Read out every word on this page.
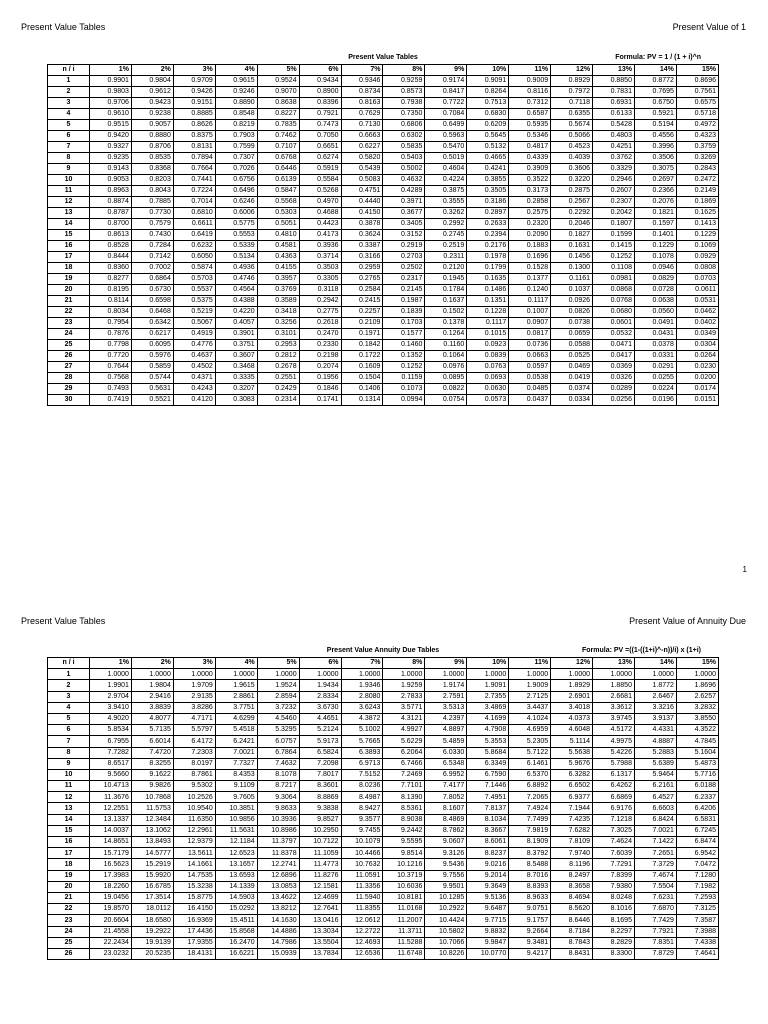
Present Value Tables	Present Value of 1
Present Value Tables	Formula: PV = 1 / (1 + i)^n
n / i	1%	2%	3%	4%	5%	6%	7%	8%	9%	10%	11%	12%	13%	14%	15%
1	0.9901	0.9804	0.9709	0.9615	0.9524	0.9434	0.9346	0.9259	0.9174	0.9091	0.9009	0.8929	0.8850	0.8772	0.8696
2	0.9803	0.9612	0.9426	0.9246	0.9070	0.8900	0.8734	0.8573	0.8417	0.8264	0.8116	0.7972	0.7831	0.7695	0.7561
3	0.9706	0.9423	0.9151	0.8890	0.8638	0.8396	0.8163	0.7938	0.7722	0.7513	0.7312	0.7118	0.6931	0.6750	0.6575
4	0.9610	0.9238	0.8885	0.8548	0.8227	0.7921	0.7629	0.7350	0.7084	0.6830	0.6587	0.6355	0.6133	0.5921	0.5718
5	0.9515	0.9057	0.8626	0.8219	0.7835	0.7473	0.7130	0.6806	0.6499	0.6209	0.5935	0.5674	0.5428	0.5194	0.4972
6	0.9420	0.8880	0.8375	0.7903	0.7462	0.7050	0.6663	0.6302	0.5963	0.5645	0.5346	0.5066	0.4803	0.4556	0.4323
7	0.9327	0.8706	0.8131	0.7599	0.7107	0.6651	0.6227	0.5835	0.5470	0.5132	0.4817	0.4523	0.4251	0.3996	0.3759
8	0.9235	0.8535	0.7894	0.7307	0.6768	0.6274	0.5820	0.5403	0.5019	0.4665	0.4339	0.4039	0.3762	0.3506	0.3269
9	0.9143	0.8368	0.7664	0.7026	0.6446	0.5919	0.5439	0.5002	0.4604	0.4241	0.3909	0.3606	0.3329	0.3075	0.2843
10	0.9053	0.8203	0.7441	0.6756	0.6139	0.5584	0.5083	0.4632	0.4224	0.3855	0.3522	0.3220	0.2946	0.2697	0.2472
11	0.8963	0.8043	0.7224	0.6496	0.5847	0.5268	0.4751	0.4289	0.3875	0.3505	0.3173	0.2875	0.2607	0.2366	0.2149
12	0.8874	0.7885	0.7014	0.6246	0.5568	0.4970	0.4440	0.3971	0.3555	0.3186	0.2858	0.2567	0.2307	0.2076	0.1869
13	0.8787	0.7730	0.6810	0.6006	0.5303	0.4688	0.4150	0.3677	0.3262	0.2897	0.2575	0.2292	0.2042	0.1821	0.1625
14	0.8700	0.7579	0.6611	0.5775	0.5051	0.4423	0.3878	0.3405	0.2992	0.2633	0.2320	0.2046	0.1807	0.1597	0.1413
15	0.8613	0.7430	0.6419	0.5553	0.4810	0.4173	0.3624	0.3152	0.2745	0.2394	0.2090	0.1827	0.1599	0.1401	0.1229
16	0.8528	0.7284	0.6232	0.5339	0.4581	0.3936	0.3387	0.2919	0.2519	0.2176	0.1883	0.1631	0.1415	0.1229	0.1069
17	0.8444	0.7142	0.6050	0.5134	0.4363	0.3714	0.3166	0.2703	0.2311	0.1978	0.1696	0.1456	0.1252	0.1078	0.0929
18	0.8360	0.7002	0.5874	0.4936	0.4155	0.3503	0.2959	0.2502	0.2120	0.1799	0.1528	0.1300	0.1108	0.0946	0.0808
19	0.8277	0.6864	0.5703	0.4746	0.3957	0.3305	0.2765	0.2317	0.1945	0.1635	0.1377	0.1161	0.0981	0.0829	0.0703
20	0.8195	0.6730	0.5537	0.4564	0.3769	0.3118	0.2584	0.2145	0.1784	0.1486	0.1240	0.1037	0.0868	0.0728	0.0611
21	0.8114	0.6598	0.5375	0.4388	0.3589	0.2942	0.2415	0.1987	0.1637	0.1351	0.1117	0.0926	0.0768	0.0638	0.0531
22	0.8034	0.6468	0.5219	0.4220	0.3418	0.2775	0.2257	0.1839	0.1502	0.1228	0.1007	0.0826	0.0680	0.0560	0.0462
23	0.7954	0.6342	0.5067	0.4057	0.3256	0.2618	0.2109	0.1703	0.1378	0.1117	0.0907	0.0738	0.0601	0.0491	0.0402
24	0.7876	0.6217	0.4919	0.3901	0.3101	0.2470	0.1971	0.1577	0.1264	0.1015	0.0817	0.0659	0.0532	0.0431	0.0349
25	0.7798	0.6095	0.4776	0.3751	0.2953	0.2330	0.1842	0.1460	0.1160	0.0923	0.0736	0.0588	0.0471	0.0378	0.0304
26	0.7720	0.5976	0.4637	0.3607	0.2812	0.2198	0.1722	0.1352	0.1064	0.0839	0.0663	0.0525	0.0417	0.0331	0.0264
27	0.7644	0.5859	0.4502	0.3468	0.2678	0.2074	0.1609	0.1252	0.0976	0.0763	0.0597	0.0469	0.0369	0.0291	0.0230
28	0.7568	0.5744	0.4371	0.3335	0.2551	0.1956	0.1504	0.1159	0.0895	0.0693	0.0538	0.0419	0.0326	0.0255	0.0200
29	0.7493	0.5631	0.4243	0.3207	0.2429	0.1846	0.1406	0.1073	0.0822	0.0630	0.0485	0.0374	0.0289	0.0224	0.0174
30	0.7419	0.5521	0.4120	0.3083	0.2314	0.1741	0.1314	0.0994	0.0754	0.0573	0.0437	0.0334	0.0256	0.0196	0.0151
1
Present Value Tables	Present Value of Annuity Due
Present Value Annuity Due Tables	Formula: PV =((1-((1+i)^-n))/i) x (1+i)
n / i	1%	2%	3%	4%	5%	6%	7%	8%	9%	10%	11%	12%	13%	14%	15%
1	1.0000	1.0000	1.0000	1.0000	1.0000	1.0000	1.0000	1.0000	1.0000	1.0000	1.0000	1.0000	1.0000	1.0000	1.0000
2	1.9901	1.9804	1.9709	1.9615	1.9524	1.9434	1.9346	1.9259	1.9174	1.9091	1.9009	1.8929	1.8850	1.8772	1.8696
3	2.9704	2.9416	2.9135	2.8861	2.8594	2.8334	2.8080	2.7833	2.7591	2.7355	2.7125	2.6901	2.6681	2.6467	2.6257
4	3.9410	3.8839	3.8286	3.7751	3.7232	3.6730	3.6243	3.5771	3.5313	3.4869	3.4437	3.4018	3.3612	3.3216	3.2832
5	4.9020	4.8077	4.7171	4.6299	4.5460	4.4651	4.3872	4.3121	4.2397	4.1699	4.1024	4.0373	3.9745	3.9137	3.8550
6	5.8534	5.7135	5.5797	5.4518	5.3295	5.2124	5.1002	4.9927	4.8897	4.7908	4.6959	4.6048	4.5172	4.4331	4.3522
7	6.7955	6.6014	6.4172	6.2421	6.0757	5.9173	5.7665	5.6229	5.4859	5.3553	5.2305	5.1114	4.9975	4.8887	4.7845
8	7.7282	7.4720	7.2303	7.0021	6.7864	6.5824	6.3893	6.2064	6.0330	5.8684	5.7122	5.5638	5.4226	5.2883	5.1604
9	8.6517	8.3255	8.0197	7.7327	7.4632	7.2098	6.9713	6.7466	6.5348	6.3349	6.1461	5.9676	5.7988	5.6389	5.4873
10	9.5660	9.1622	8.7861	8.4353	8.1078	7.8017	7.5152	7.2469	6.9952	6.7590	6.5370	6.3282	6.1317	5.9464	5.7716
11	10.4713	9.9826	9.5302	9.1109	8.7217	8.3601	8.0236	7.7101	7.4177	7.1446	6.8892	6.6502	6.4262	6.2161	6.0188
12	11.3676	10.7868	10.2526	9.7605	9.3064	8.8869	8.4987	8.1390	7.8052	7.4951	7.2065	6.9377	6.6869	6.4527	6.2337
13	12.2551	11.5753	10.9540	10.3851	9.8633	9.3838	8.9427	8.5361	8.1607	7.8137	7.4924	7.1944	6.9176	6.6603	6.4206
14	13.1337	12.3484	11.6350	10.9856	10.3936	9.8527	9.3577	8.9038	8.4869	8.1034	7.7499	7.4235	7.1218	6.8424	6.5831
15	14.0037	13.1062	12.2961	11.5631	10.8986	10.2950	9.7455	9.2442	8.7862	8.3667	7.9819	7.6282	7.3025	7.0021	6.7245
16	14.8651	13.8493	12.9379	12.1184	11.3797	10.7122	10.1079	9.5595	9.0607	8.6061	8.1909	7.8109	7.4624	7.1422	6.8474
17	15.7179	14.5777	13.5611	12.6523	11.8378	11.1059	10.4466	9.8514	9.3126	8.8237	8.3792	7.9740	7.6039	7.2651	6.9542
18	16.5623	15.2919	14.1661	13.1657	12.2741	11.4773	10.7632	10.1216	9.5436	9.0216	8.5488	8.1196	7.7291	7.3729	7.0472
19	17.3983	15.9920	14.7535	13.6593	12.6896	11.8276	11.0591	10.3719	9.7556	9.2014	8.7016	8.2497	7.8399	7.4674	7.1280
20	18.2260	16.6785	15.3238	14.1339	13.0853	12.1581	11.3356	10.6036	9.9501	9.3649	8.8393	8.3658	7.9380	7.5504	7.1982
21	19.0456	17.3514	15.8775	14.5903	13.4622	12.4699	11.5940	10.8181	10.1285	9.5136	8.9633	8.4694	8.0248	7.6231	7.2593
22	19.8570	18.0112	16.4150	15.0292	13.8212	12.7641	11.8355	11.0168	10.2922	9.6487	9.0751	8.5620	8.1016	7.6870	7.3125
23	20.6604	18.6580	16.9369	15.4511	14.1630	13.0416	12.0612	11.2007	10.4424	9.7715	9.1757	8.6446	8.1695	7.7429	7.3587
24	21.4558	19.2922	17.4436	15.8568	14.4886	13.3034	12.2722	11.3711	10.5802	9.8832	9.2664	8.7184	8.2297	7.7921	7.3988
25	22.2434	19.9139	17.9355	16.2470	14.7986	13.5504	12.4693	11.5288	10.7066	9.9847	9.3481	8.7843	8.2829	7.8351	7.4338
26	23.0232	20.5235	18.4131	16.6221	15.0939	13.7834	12.6536	11.6748	10.8226	10.0770	9.4217	8.8431	8.3300	7.8729	7.4641
